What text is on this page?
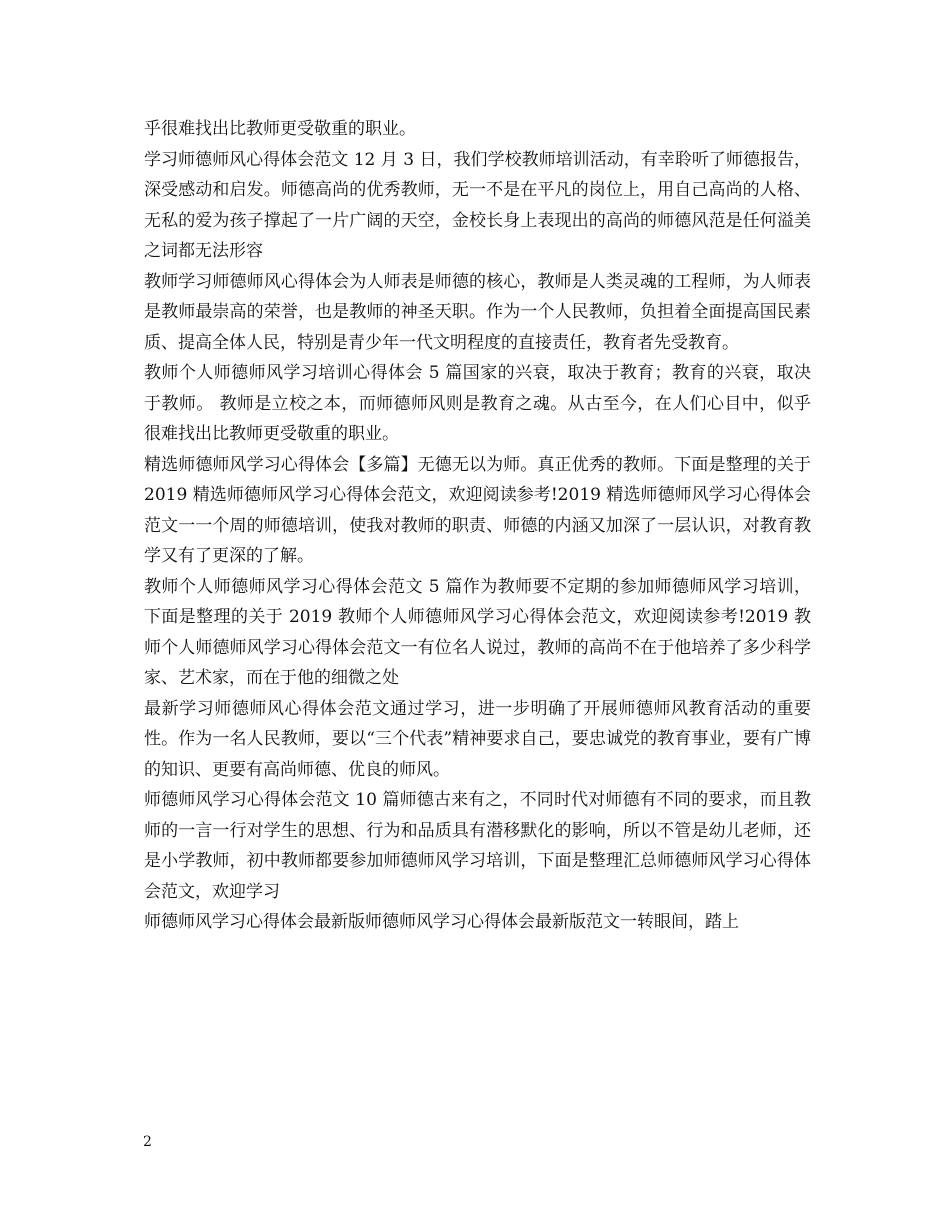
乎很难找出比教师更受敬重的职业。

学习师德师风心得体会范文 12 月 3 日，我们学校教师培训活动，有幸聆听了师德报告，深受感动和启发。师德高尚的优秀教师，无一不是在平凡的岗位上，用自己高尚的人格、无私的爱为孩子撑起了一片广阔的天空，金校长身上表现出的高尚的师德风范是任何溢美之词都无法形容

教师学习师德师风心得体会为人师表是师德的核心，教师是人类灵魂的工程师，为人师表是教师最崇高的荣誉，也是教师的神圣天职。作为一个人民教师，负担着全面提高国民素质、提高全体人民，特别是青少年一代文明程度的直接责任，教育者先受教育。

教师个人师德师风学习培训心得体会 5 篇国家的兴衰，取决于教育；教育的兴衰，取决于教师。 教师是立校之本，而师德师风则是教育之魂。从古至今，在人们心目中，似乎很难找出比教师更受敬重的职业。

精选师德师风学习心得体会【多篇】无德无以为师。真正优秀的教师。下面是整理的关于 2019 精选师德师风学习心得体会范文，欢迎阅读参考!2019 精选师德师风学习心得体会范文一一个周的师德培训，使我对教师的职责、师德的内涵又加深了一层认识，对教育教学又有了更深的了解。

教师个人师德师风学习心得体会范文 5 篇作为教师要不定期的参加师德师风学习培训，下面是整理的关于 2019 教师个人师德师风学习心得体会范文，欢迎阅读参考!2019 教师个人师德师风学习心得体会范文一有位名人说过，教师的高尚不在于他培养了多少科学家、艺术家，而在于他的细微之处

最新学习师德师风心得体会范文通过学习，进一步明确了开展师德师风教育活动的重要性。作为一名人民教师，要以“三个代表”精神要求自己，要忠诚党的教育事业，要有广博的知识、更要有高尚师德、优良的师风。

师德师风学习心得体会范文 10 篇师德古来有之，不同时代对师德有不同的要求，而且教师的一言一行对学生的思想、行为和品质具有潜移默化的影响，所以不管是幼儿老师，还是小学教师，初中教师都要参加师德师风学习培训，下面是整理汇总师德师风学习心得体会范文，欢迎学习

师德师风学习心得体会最新版师德师风学习心得体会最新版范文一转眼间，踏上

2
